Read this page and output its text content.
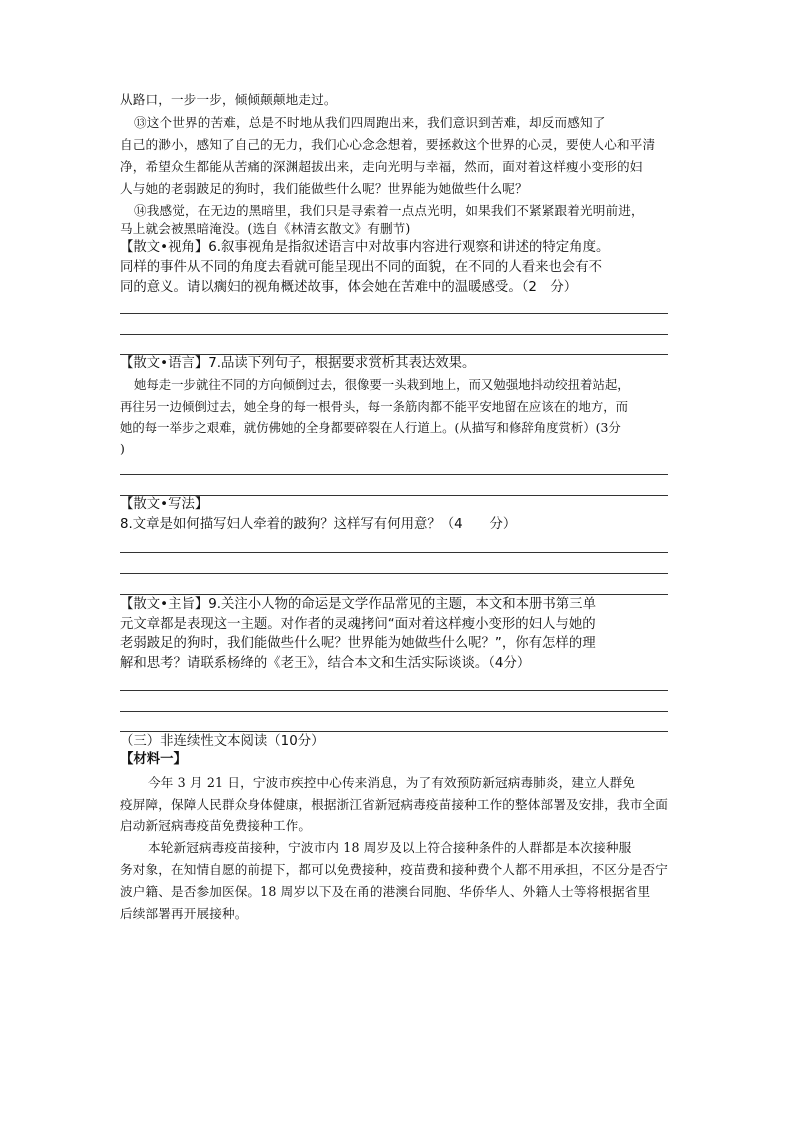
从路口，一步一步，倾倾颠颠地走过。
⑬这个世界的苦难，总是不时地从我们四周跑出来，我们意识到苦难，却反而感知了
自己的渺小，感知了自己的无力，我们心心念念想着，要拯救这个世界的心灵，要使人心和平清
净，希望众生都能从苦痛的深渊超拔出来，走向光明与幸福，然而，面对着这样瘦小变形的妇
人与她的老弱跛足的狗时，我们能做些什么呢？世界能为她做些什么呢？
⑭我感觉，在无边的黑暗里，我们只是寻索着一点点光明，如果我们不紧紧跟着光明前进，
马上就会被黑暗淹没。(选自《林清玄散文》有删节)
【散文•视角】6.叙事视角是指叙述语言中对故事内容进行观察和讲述的特定角度。
同样的事件从不同的角度去看就可能呈现出不同的面貌，在不同的人看来也会有不
同的意义。请以瘸妇的视角概述故事，体会她在苦难中的温暖感受。（2　分）
【散文•语言】7.品读下列句子，根据要求赏析其表达效果。
她每走一步就往不同的方向倾倒过去，很像要一头栽到地上，而又勉强地抖动绞扭着站起，
再往另一边倾倒过去，她全身的每一根骨头，每一条筋肉都不能平安地留在应该在的地方，而
她的每一举步之艰难，就仿佛她的全身都要碎裂在人行道上。(从描写和修辞角度赏析）(3分
)
【散文•写法】
8.文章是如何描写妇人牵着的跛狗？这样写有何用意？（4　　分）
【散文•主旨】9.关注小人物的命运是文学作品常见的主题，本文和本册书第三单
元文章都是表现这一主题。对作者的灵魂拷问“面对着这样瘦小变形的妇人与她的
老弱跛足的狗时，我们能做些什么呢？世界能为她做些什么呢？”，你有怎样的理
解和思考？请联系杨绛的《老王》，结合本文和生活实际谈谈。（4分）
（三）非连续性文本阅读（10分）
【材料一】
今年 3 月 21 日，宁波市疾控中心传来消息，为了有效预防新冠病毒肺炎，建立人群免
疫屏障，保障人民群众身体健康，根据浙江省新冠病毒疫苗接种工作的整体部署及安排，我市全面
启动新冠病毒疫苗免费接种工作。
本轮新冠病毒疫苗接种，宁波市内 18 周岁及以上符合接种条件的人群都是本次接种服
务对象，在知情自愿的前提下，都可以免费接种，疫苗费和接种费个人都不用承担，不区分是否宁
波户籍、是否参加医保。18 周岁以下及在甬的港澳台同胞、华侨华人、外籍人士等将根据省里
后续部署再开展接种。
